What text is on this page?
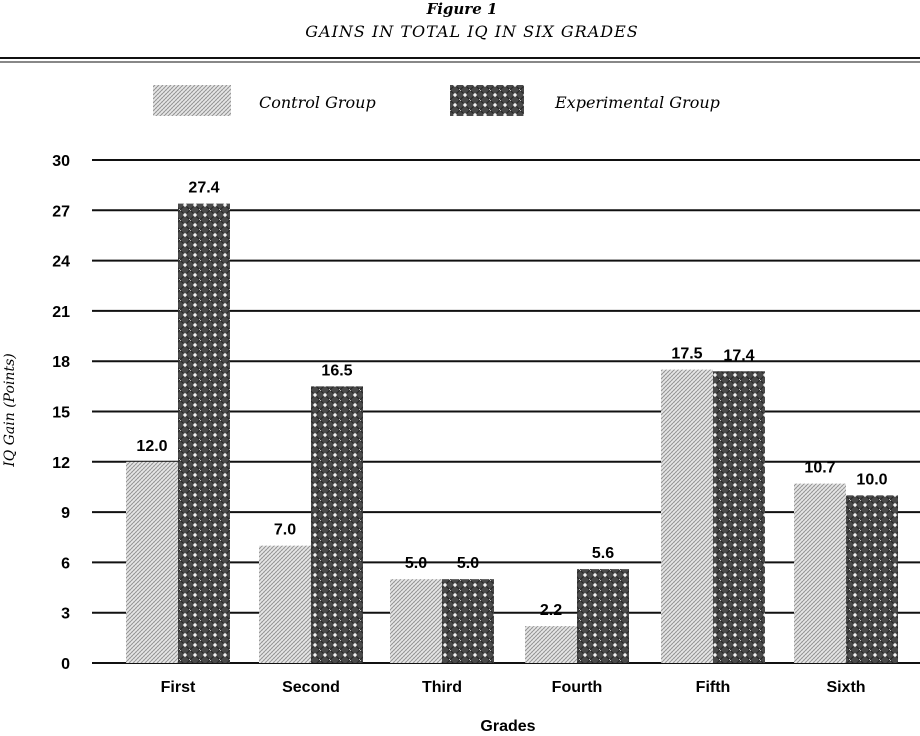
Figure 1
GAINS IN TOTAL IQ IN SIX GRADES
Control Group	Experimental Group
IQ Gain (Points)
Grades
0
3
6
9
12
15
18
21
24
27
30
12.0
27.4
7.0
16.5
5.0 5.0
2.2
5.6
17.5 17.4
10.7
10.0
First	Second	Third	Fourth	Fifth	Sixth
